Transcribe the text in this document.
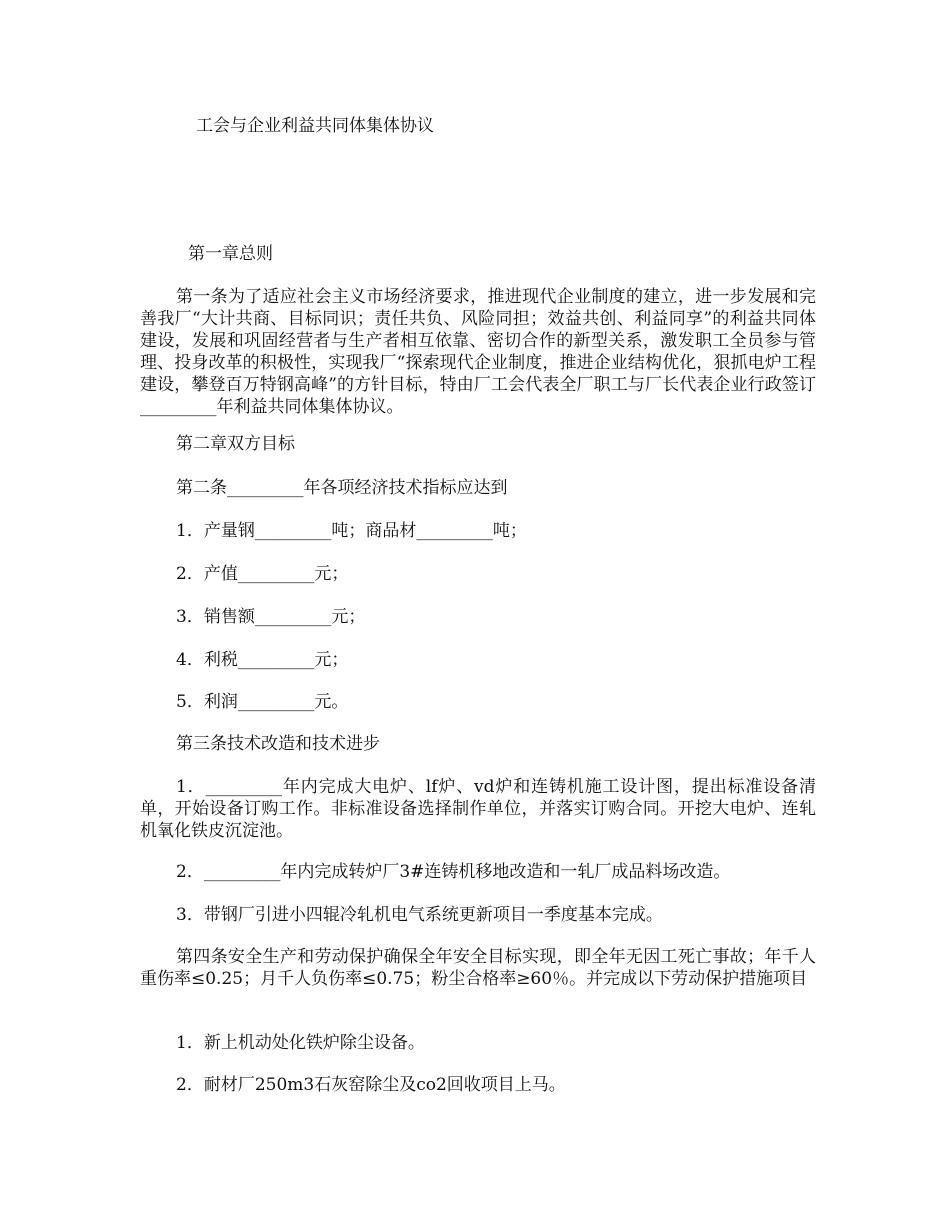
工会与企业利益共同体集体协议

第一章总则

第一条为了适应社会主义市场经济要求，推进现代企业制度的建立，进一步发展和完善我厂“大计共商、目标同识；责任共负、风险同担；效益共创、利益同享”的利益共同体建设，发展和巩固经营者与生产者相互依靠、密切合作的新型关系，激发职工全员参与管理、投身改革的积极性，实现我厂“探索现代企业制度，推进企业结构优化，狠抓电炉工程建设，攀登百万特钢高峰”的方针目标，特由厂工会代表全厂职工与厂长代表企业行政签订_________年利益共同体集体协议。

第二章双方目标

第二条_________年各项经济技术指标应达到

1．产量钢_________吨；商品材_________吨；

2．产值_________元；

3．销售额_________元；

4．利税_________元；

5．利润_________元。

第三条技术改造和技术进步

1．_________年内完成大电炉、lf炉、vd炉和连铸机施工设计图，提出标准设备清单，开始设备订购工作。非标准设备选择制作单位，并落实订购合同。开挖大电炉、连轧机氧化铁皮沉淀池。

2．_________年内完成转炉厂3#连铸机移地改造和一轧厂成品料场改造。

3．带钢厂引进小四辊冷轧机电气系统更新项目一季度基本完成。

第四条安全生产和劳动保护确保全年安全目标实现，即全年无因工死亡事故；年千人重伤率≤0.25；月千人负伤率≤0.75；粉尘合格率≥60％。并完成以下劳动保护措施项目

1．新上机动处化铁炉除尘设备。

2．耐材厂250m3石灰窑除尘及co2回收项目上马。
